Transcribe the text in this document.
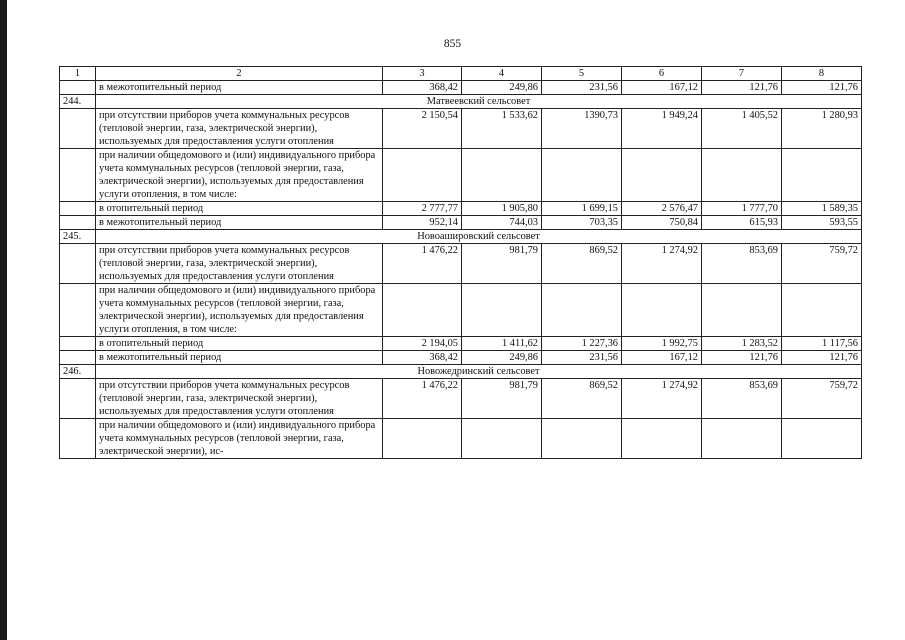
855
1	2	3	4	5	6	7	8
	в межотопительный период	368,42	249,86	231,56	167,12	121,76	121,76
244.	Матвеевский сельсовет						
	при отсутствии приборов учета коммунальных ресурсов (тепловой энергии, газа, электрической энергии), используемых для предоставления услуги отопления	2 150,54	1 533,62	1390,73	1 949,24	1 405,52	1 280,93
	при наличии общедомового и (или) индивидуального прибора учета коммунальных ресурсов (тепловой энергии, газа, электрической энергии), используемых для предоставления услуги отопления, в том числе:						
	в отопительный период	2 777,77	1 905,80	1 699,15	2 576,47	1 777,70	1 589,35
	в межотопительный период	952,14	744,03	703,35	750,84	615,93	593,55
245.	Новоашировский сельсовет						
	при отсутствии приборов учета коммунальных ресурсов (тепловой энергии, газа, электрической энергии), используемых для предоставления услуги отопления	1 476,22	981,79	869,52	1 274,92	853,69	759,72
	при наличии общедомового и (или) индивидуального прибора учета коммунальных ресурсов (тепловой энергии, газа, электрической энергии), используемых для предоставления услуги отопления, в том числе:						
	в отопительный период	2 194,05	1 411,62	1 227,36	1 992,75	1 283,52	1 117,56
	в межотопительный период	368,42	249,86	231,56	167,12	121,76	121,76
246.	Новожедринский сельсовет						
	при отсутствии приборов учета коммунальных ресурсов (тепловой энергии, газа, электрической энергии), используемых для предоставления услуги отопления	1 476,22	981,79	869,52	1 274,92	853,69	759,72
	при наличии общедомового и (или) индивидуального прибора учета коммунальных ресурсов (тепловой энергии, газа, электрической энергии), ис-						
